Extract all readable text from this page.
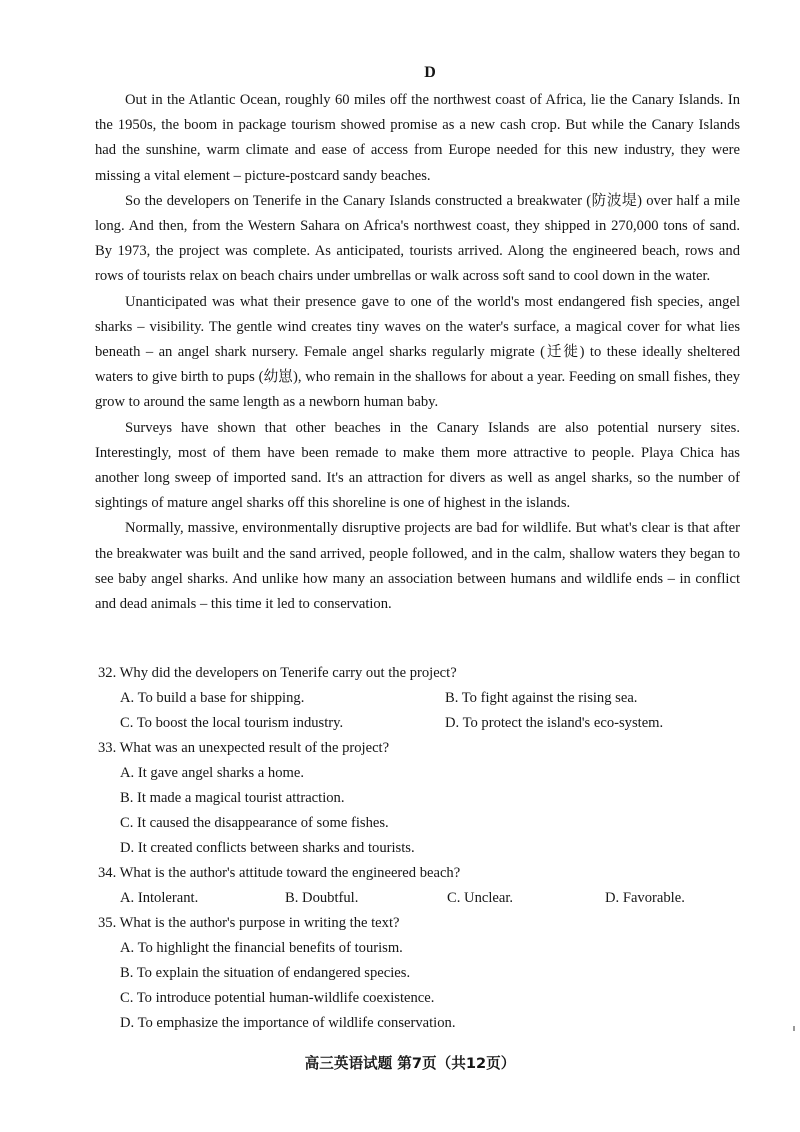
D

Out in the Atlantic Ocean, roughly 60 miles off the northwest coast of Africa, lie the Canary Islands. In the 1950s, the boom in package tourism showed promise as a new cash crop. But while the Canary Islands had the sunshine, warm climate and ease of access from Europe needed for this new industry, they were missing a vital element – picture-postcard sandy beaches.

So the developers on Tenerife in the Canary Islands constructed a breakwater (防波堤) over half a mile long. And then, from the Western Sahara on Africa's northwest coast, they shipped in 270,000 tons of sand. By 1973, the project was complete. As anticipated, tourists arrived. Along the engineered beach, rows and rows of tourists relax on beach chairs under umbrellas or walk across soft sand to cool down in the water.

Unanticipated was what their presence gave to one of the world's most endangered fish species, angel sharks – visibility. The gentle wind creates tiny waves on the water's surface, a magical cover for what lies beneath – an angel shark nursery. Female angel sharks regularly migrate (迁徙) to these ideally sheltered waters to give birth to pups (幼崽), who remain in the shallows for about a year. Feeding on small fishes, they grow to around the same length as a newborn human baby.

Surveys have shown that other beaches in the Canary Islands are also potential nursery sites. Interestingly, most of them have been remade to make them more attractive to people. Playa Chica has another long sweep of imported sand. It's an attraction for divers as well as angel sharks, so the number of sightings of mature angel sharks off this shoreline is one of highest in the islands.

Normally, massive, environmentally disruptive projects are bad for wildlife. But what's clear is that after the breakwater was built and the sand arrived, people followed, and in the calm, shallow waters they began to see baby angel sharks. And unlike how many an association between humans and wildlife ends – in conflict and dead animals – this time it led to conservation.

32. Why did the developers on Tenerife carry out the project?
A. To build a base for shipping.	B. To fight against the rising sea.
C. To boost the local tourism industry.	D. To protect the island's eco-system.
33. What was an unexpected result of the project?
A. It gave angel sharks a home.
B. It made a magical tourist attraction.
C. It caused the disappearance of some fishes.
D. It created conflicts between sharks and tourists.
34. What is the author's attitude toward the engineered beach?
A. Intolerant.	B. Doubtful.	C. Unclear.	D. Favorable.
35. What is the author's purpose in writing the text?
A. To highlight the financial benefits of tourism.
B. To explain the situation of endangered species.
C. To introduce potential human-wildlife coexistence.
D. To emphasize the importance of wildlife conservation.
高三英语试题 第7页（共12页）
